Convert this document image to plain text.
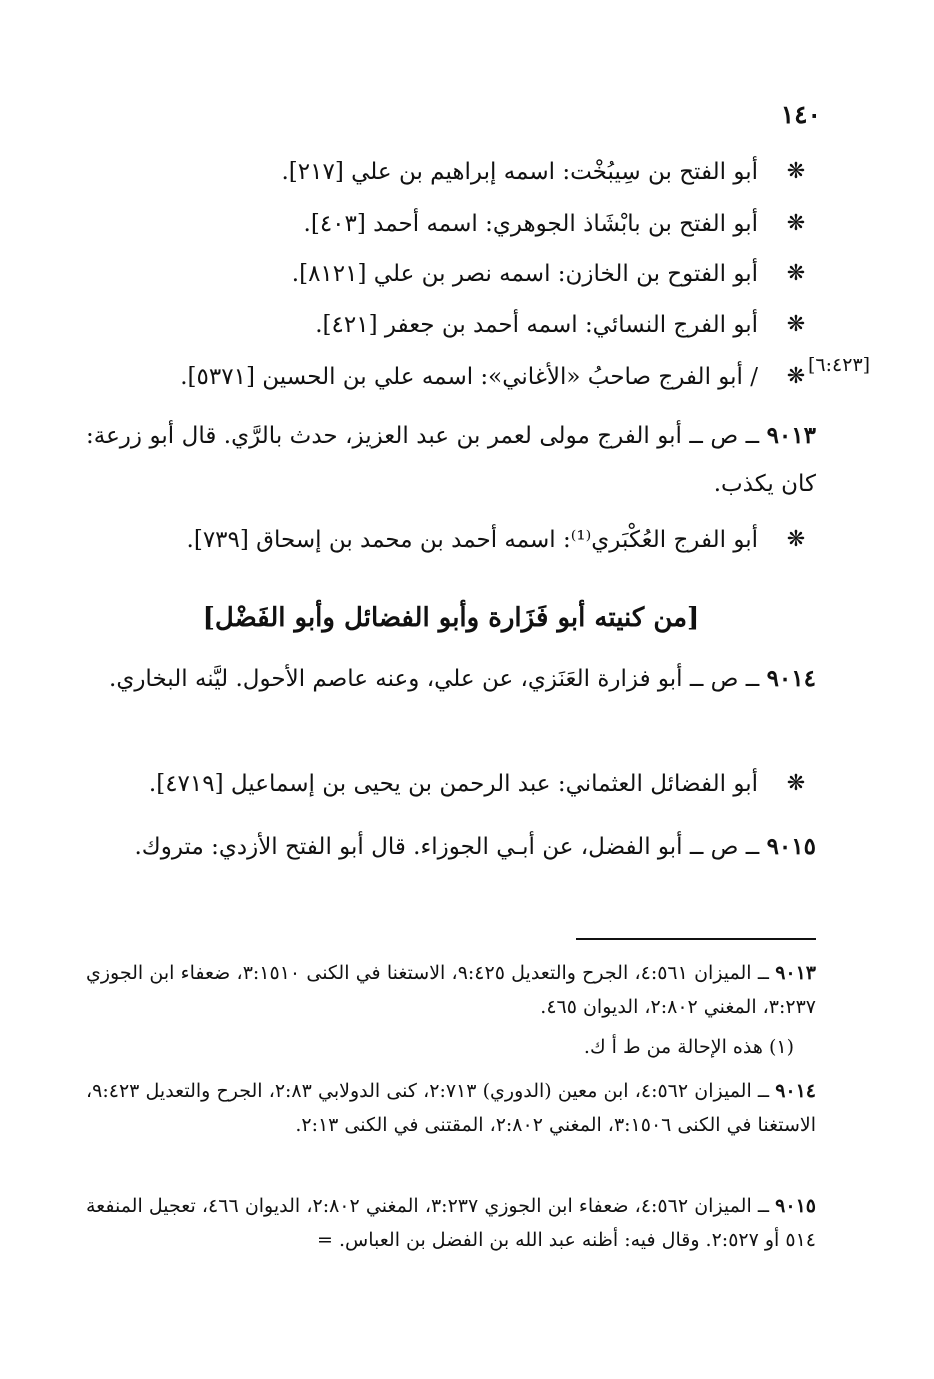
١٤٠
❋
أبو الفتح بن سِيبُخْت: اسمه إبراهيم بن علي [٢١٧].
❋
أبو الفتح بن بابْشَاذ الجوهري: اسمه أحمد [٤٠٣].
❋
أبو الفتوح بن الخازن: اسمه نصر بن علي [٨١٢١].
❋
أبو الفرج النسائي: اسمه أحمد بن جعفر [٤٢١].
[٦:٤٢٣]
❋
/ أبو الفرج صاحبُ «الأغاني»: اسمه علي بن الحسين [٥٣٧١].
٩٠١٣ ــ ص ــ أبو الفرج مولى لعمر بن عبد العزيز، حدث بالرَّي. قال أبو زرعة: كان يكذب.
❋
أبو الفرج العُكْبَري⁽¹⁾: اسمه أحمد بن محمد بن إسحاق [٧٣٩].
[من كنيته أبو فَزَارة وأبو الفضائل وأبو الفَضْل]
٩٠١٤ ــ ص ــ أبو فزارة العَنَزي، عن علي، وعنه عاصم الأحول. ليَّنه البخاري.
❋
أبو الفضائل العثماني: عبد الرحمن بن يحيى بن إسماعيل [٤٧١٩].
٩٠١٥ ــ ص ــ أبو الفضل، عن أبـي الجوزاء. قال أبو الفتح الأزدي: متروك.
٩٠١٣ ــ الميزان ٤:٥٦١، الجرح والتعديل ٩:٤٢٥، الاستغنا في الكنى ٣:١٥١٠، ضعفاء ابن الجوزي ٣:٢٣٧، المغني ٢:٨٠٢، الديوان ٤٦٥.
(١) هذه الإحالة من ط أ ك.
٩٠١٤ ــ الميزان ٤:٥٦٢، ابن معين (الدوري) ٢:٧١٣، كنى الدولابي ٢:٨٣، الجرح والتعديل ٩:٤٢٣، الاستغنا في الكنى ٣:١٥٠٦، المغني ٢:٨٠٢، المقتنى في الكنى ٢:١٣.
٩٠١٥ ــ الميزان ٤:٥٦٢، ضعفاء ابن الجوزي ٣:٢٣٧، المغني ٢:٨٠٢، الديوان ٤٦٦، تعجيل المنفعة ٥١٤ أو ٢:٥٢٧. وقال فيه: أظنه عبد الله بن الفضل بن العباس. =
